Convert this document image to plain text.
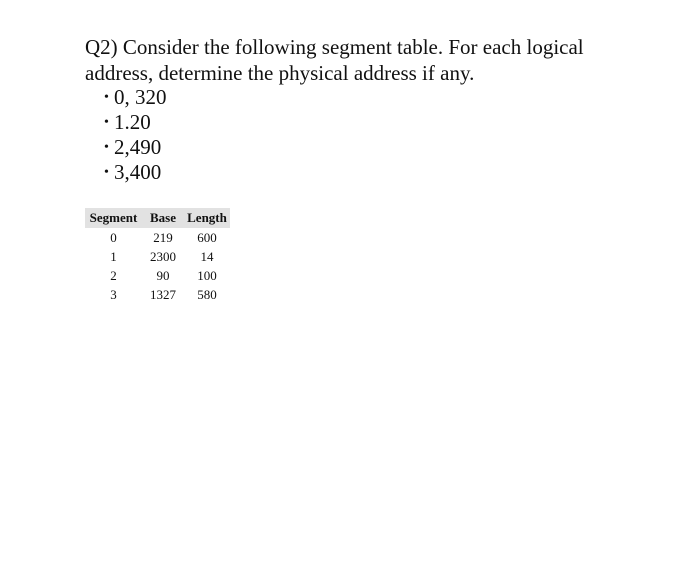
Q2) Consider the following segment table. For each logical address, determine the physical address if any.

• 0, 320
• 1.20
• 2,490
• 3,400
Segment	Base	Length
0	219	600
1	2300	14
2	90	100
3	1327	580
